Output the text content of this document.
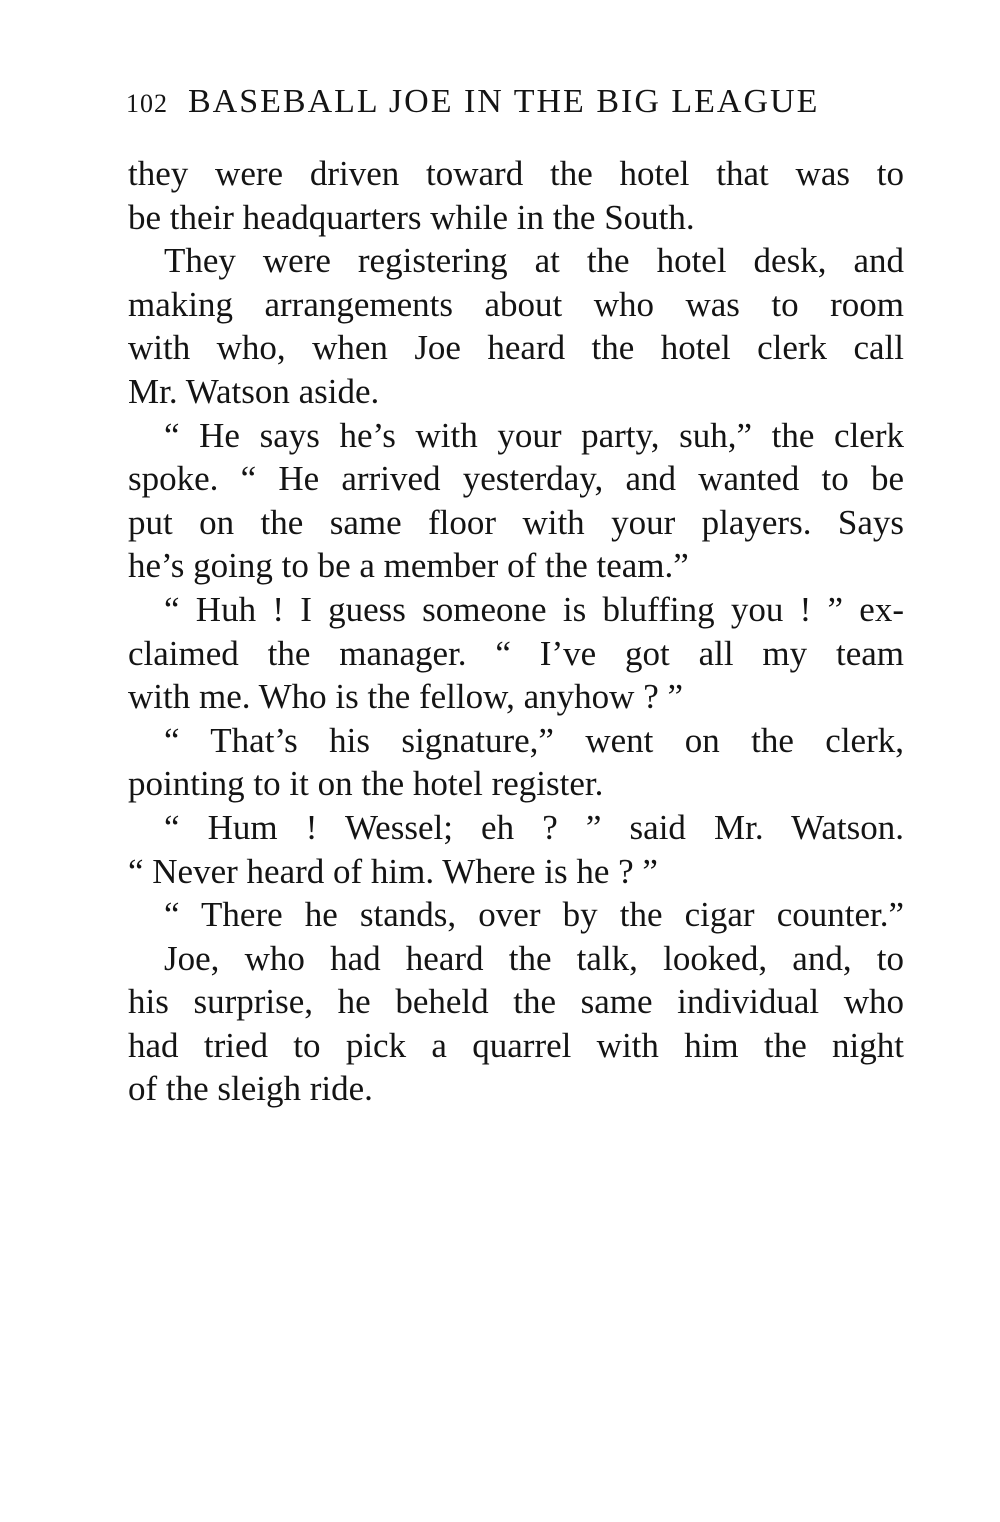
102 BASEBALL JOE IN THE BIG LEAGUE
they were driven toward the hotel that was to
be their headquarters while in the South.
They were registering at the hotel desk, and
making arrangements about who was to room
with who, when Joe heard the hotel clerk call
Mr. Watson aside.
“ He says he’s with your party, suh,” the clerk
spoke. “ He arrived yesterday, and wanted to be
put on the same floor with your players. Says
he’s going to be a member of the team.”
“ Huh ! I guess someone is bluffing you ! ” ex-
claimed the manager. “ I’ve got all my team
with me. Who is the fellow, anyhow ? ”
“ That’s his signature,” went on the clerk,
pointing to it on the hotel register.
“ Hum ! Wessel; eh ? ” said Mr. Watson.
“ Never heard of him. Where is he ? ”
“ There he stands, over by the cigar counter.”
Joe, who had heard the talk, looked, and, to
his surprise, he beheld the same individual who
had tried to pick a quarrel with him the night
of the sleigh ride.
